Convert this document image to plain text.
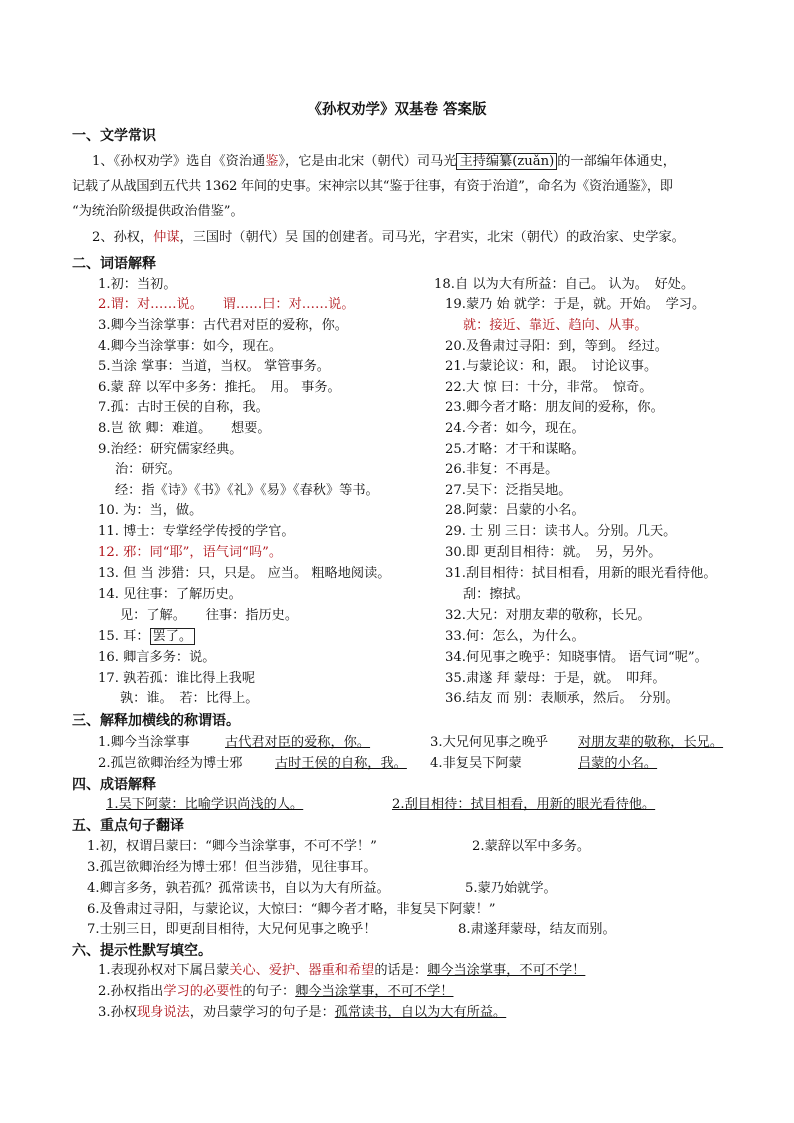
《孙权劝学》双基卷 答案版
一、文学常识
1、《孙权劝学》选自《资治通鉴》，它是由北宋（朝代）司马光 主持编纂(zuǎn) 的一部编年体通史，
记载了从战国到五代共 1362 年间的史事。宋神宗以其“鉴于往事，有资于治道”，命名为《资治通鉴》，即
“为统治阶级提供政治借鉴”。
2、孙权，仲谋，三国时（朝代）吴 国的创建者。司马光，字君实，北宋（朝代）的政治家、史学家。
二、词语解释
1.初：当初。
2.谓：对……说。　　谓……曰：对……说。
3.卿今当涂掌事：古代君对臣的爱称，你。
4.卿今当涂掌事：如今，现在。
5.当涂 掌事：当道，当权。 掌管事务。
6.蒙 辞 以军中多务：推托。　用。 事务。
7.孤：古时王侯的自称，我。
8.岂 欲 卿：难道。　　想要。
9.治经：研究儒家经典。
治：研究。
经：指《诗》《书》《礼》《易》《春秋》等书。
10. 为：当，做。
11. 博士：专掌经学传授的学官。
12. 邪：同“耶”，语气词“吗”。
13. 但 当 涉猎：只，只是。 应当。 粗略地阅读。
14. 见往事：了解历史。
见：了解。　　往事：指历史。
15. 耳： 罢了。
16. 卿言多务：说。
17. 孰若孤：谁比得上我呢
孰：谁。　若：比得上。
18.自 以为大有所益：自己。 认为。　好处。
19.蒙乃 始 就学：于是，就。开始。　学习。
就：接近、靠近、趋向、从事。
20.及鲁肃过寻阳：到，等到。 经过。
21.与蒙论议：和，跟。　讨论议事。
22.大 惊 曰：十分，非常。　惊奇。
23.卿今者才略：朋友间的爱称，你。
24.今者：如今，现在。
25.才略：才干和谋略。
26.非复：不再是。
27.吴下：泛指吴地。
28.阿蒙：吕蒙的小名。
29. 士 别 三日：读书人。分别。几天。
30.即 更刮目相待：就。　另，另外。
31.刮目相待：拭目相看，用新的眼光看待他。
刮：擦拭。
32.大兄：对朋友辈的敬称，长兄。
33.何：怎么，为什么。
34.何见事之晚乎：知晓事情。 语气词“呢”。
35.肃遂 拜 蒙母：于是，就。　叩拜。
36.结友 而 别：表顺承，然后。　分别。
三、解释加横线的称谓语。
1.卿今当涂掌事	古代君对臣的爱称，你。	3.大兄何见事之晚乎 对朋友辈的敬称，长兄。
2.孤岂欲卿治经为博士邪 古时王侯的自称，我。 4.非复吴下阿蒙	吕蒙的小名。
四、成语解释
1.吴下阿蒙：比喻学识尚浅的人。	2.刮目相待：拭目相看，用新的眼光看待他。
五、重点句子翻译
1.初，权谓吕蒙曰：“卿今当涂掌事，不可不学！”	2.蒙辞以军中多务。
3.孤岂欲卿治经为博士邪！但当涉猎，见往事耳。
4.卿言多务，孰若孤？孤常读书，自以为大有所益。	5.蒙乃始就学。
6.及鲁肃过寻阳，与蒙论议，大惊曰：“卿今者才略，非复吴下阿蒙！”
7.士别三日，即更刮目相待，大兄何见事之晚乎！	8.肃遂拜蒙母，结友而别。
六、提示性默写填空。
1.表现孙权对下属吕蒙关心、爱护、器重和希望的话是：卿今当涂掌事，不可不学！
2.孙权指出学习的必要性的句子：卿今当涂掌事，不可不学！
3.孙权现身说法，劝吕蒙学习的句子是：孤常读书，自以为大有所益。
